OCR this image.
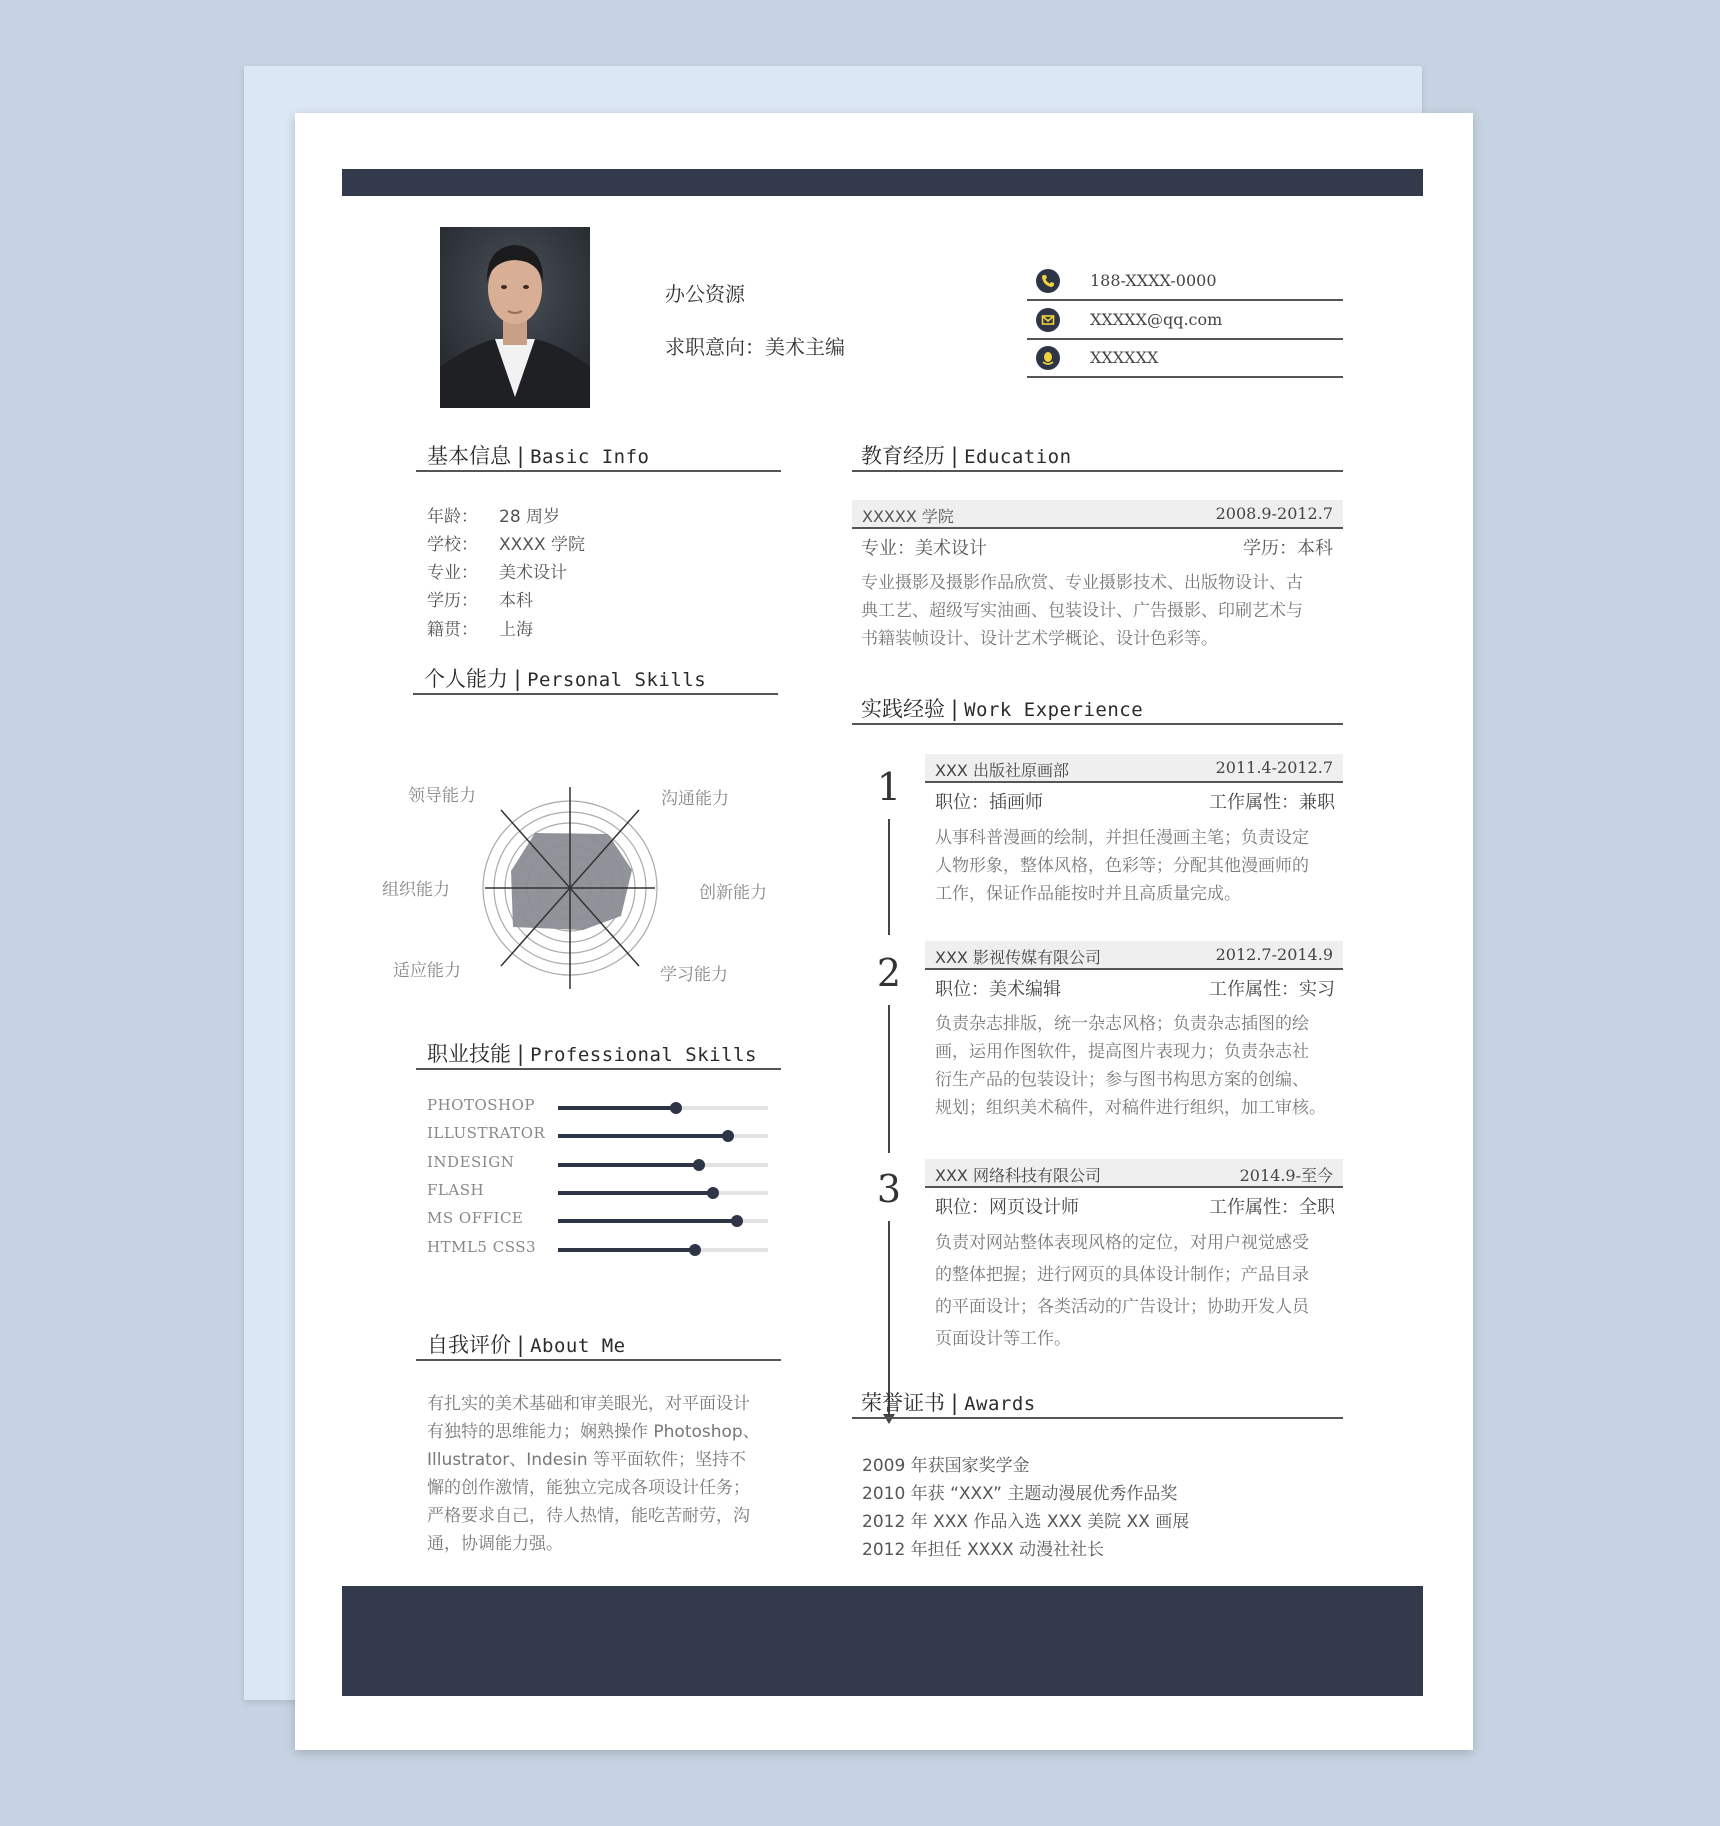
办公资源
求职意向：美术主编
188-XXXX-0000
XXXXX@qq.com
XXXXXX
基本信息 | Basic Info
年龄： 28 周岁
学校： XXXX 学院
专业： 美术设计
学历： 本科
籍贯： 上海
个人能力 | Personal Skills
领导能力	沟通能力
组织能力	创新能力
适应能力	学习能力
职业技能 | Professional Skills
PHOTOSHOP
ILLUSTRATOR
INDESIGN
FLASH
MS OFFICE
HTML5 CSS3
自我评价 | About Me
有扎实的美术基础和审美眼光，对平面设计
有独特的思维能力；娴熟操作 Photoshop、
Illustrator、Indesin 等平面软件；坚持不
懈的创作激情，能独立完成各项设计任务；
严格要求自己，待人热情，能吃苦耐劳，沟
通，协调能力强。
教育经历 | Education
XXXXX 学院	2008.9-2012.7
专业：美术设计	学历：本科
专业摄影及摄影作品欣赏、专业摄影技术、出版物设计、古
典工艺、超级写实油画、包装设计、广告摄影、印刷艺术与
书籍装帧设计、设计艺术学概论、设计色彩等。
实践经验 | Work Experience
1
2
3
XXX 出版社原画部	2011.4-2012.7
职位：插画师	工作属性：兼职
从事科普漫画的绘制，并担任漫画主笔；负责设定
人物形象，整体风格，色彩等；分配其他漫画师的
工作，保证作品能按时并且高质量完成。
XXX 影视传媒有限公司	2012.7-2014.9
职位：美术编辑	工作属性：实习
负责杂志排版，统一杂志风格；负责杂志插图的绘
画，运用作图软件，提高图片表现力；负责杂志社
衍生产品的包装设计；参与图书构思方案的创编、
规划；组织美术稿件，对稿件进行组织，加工审核。
XXX 网络科技有限公司	2014.9-至今
职位：网页设计师	工作属性：全职
负责对网站整体表现风格的定位，对用户视觉感受
的整体把握；进行网页的具体设计制作；产品目录
的平面设计；各类活动的广告设计；协助开发人员
页面设计等工作。
荣誉证书 | Awards
2009 年获国家奖学金
2010 年获 “XXX” 主题动漫展优秀作品奖
2012 年 XXX 作品入选 XXX 美院 XX 画展
2012 年担任 XXXX 动漫社社长
